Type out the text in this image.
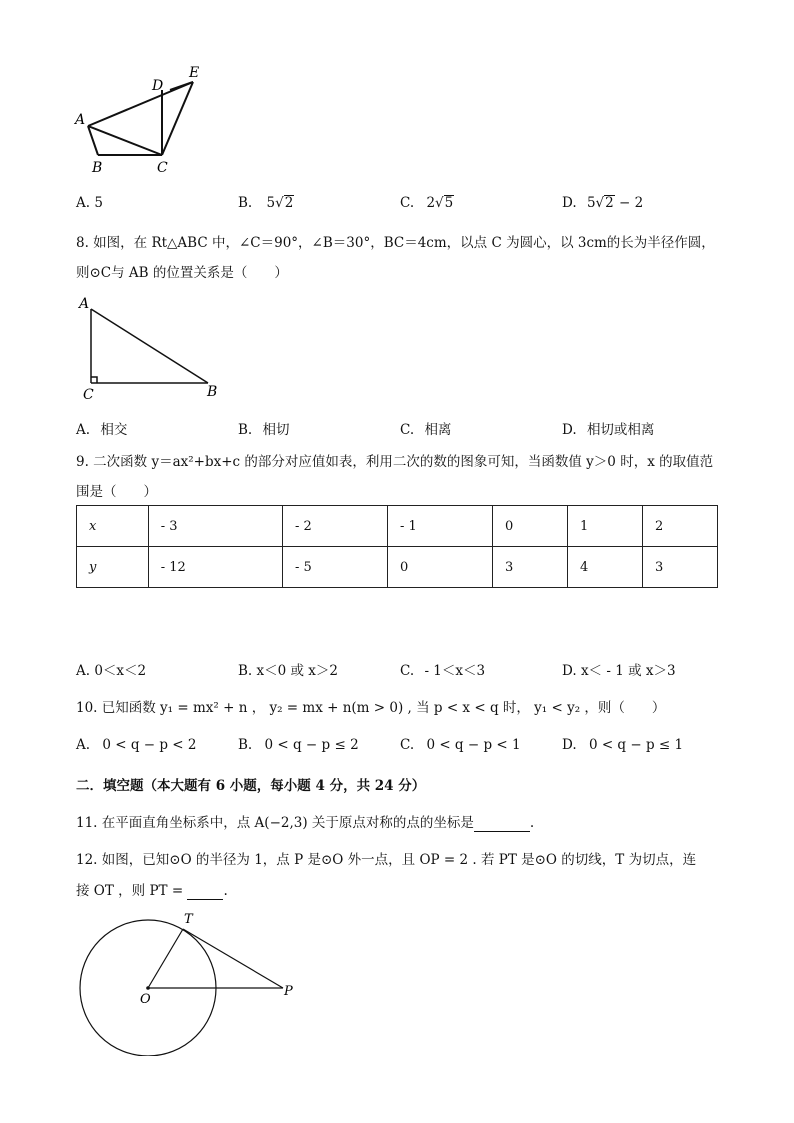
E
D
A
B	C
A. 5	B. 5√2	C. 2√5	D. 5√2 − 2
8. 如图，在 Rt△ABC 中，∠C＝90°，∠B＝30°，BC＝4cm，以点 C 为圆心，以 3cm的长为半径作圆，
则⊙C与 AB 的位置关系是（　　）
A
C	B
A. 相交	B. 相切	C. 相离	D. 相切或相离
9. 二次函数 y＝ax²+bx+c 的部分对应值如表，利用二次的数的图象可知，当函数值 y＞0 时，x 的取值范
围是（　　）
x	- 3	- 2	- 1	0	1	2
y	- 12	- 5	0	3	4	3
A. 0＜x＜2	B. x＜0 或 x＞2	C. - 1＜x＜3	D. x＜ - 1 或 x＞3
10. 已知函数 y₁ = mx² + n ， y₂ = mx + n(m > 0) , 当 p < x < q 时， y₁ < y₂ ，则（　　）
A. 0 < q − p < 2	B. 0 < q − p ≤ 2	C. 0 < q − p < 1	D. 0 < q − p ≤ 1
二．填空题（本大题有 6 小题，每小题 4 分，共 24 分）
11. 在平面直角坐标系中，点 A(−2,3) 关于原点对称的点的坐标是	.
12. 如图，已知⊙O 的半径为 1，点 P 是⊙O 外一点，且 OP = 2 . 若 PT 是⊙O 的切线，T 为切点，连
接 OT ，则 PT =	.
T
O
P
